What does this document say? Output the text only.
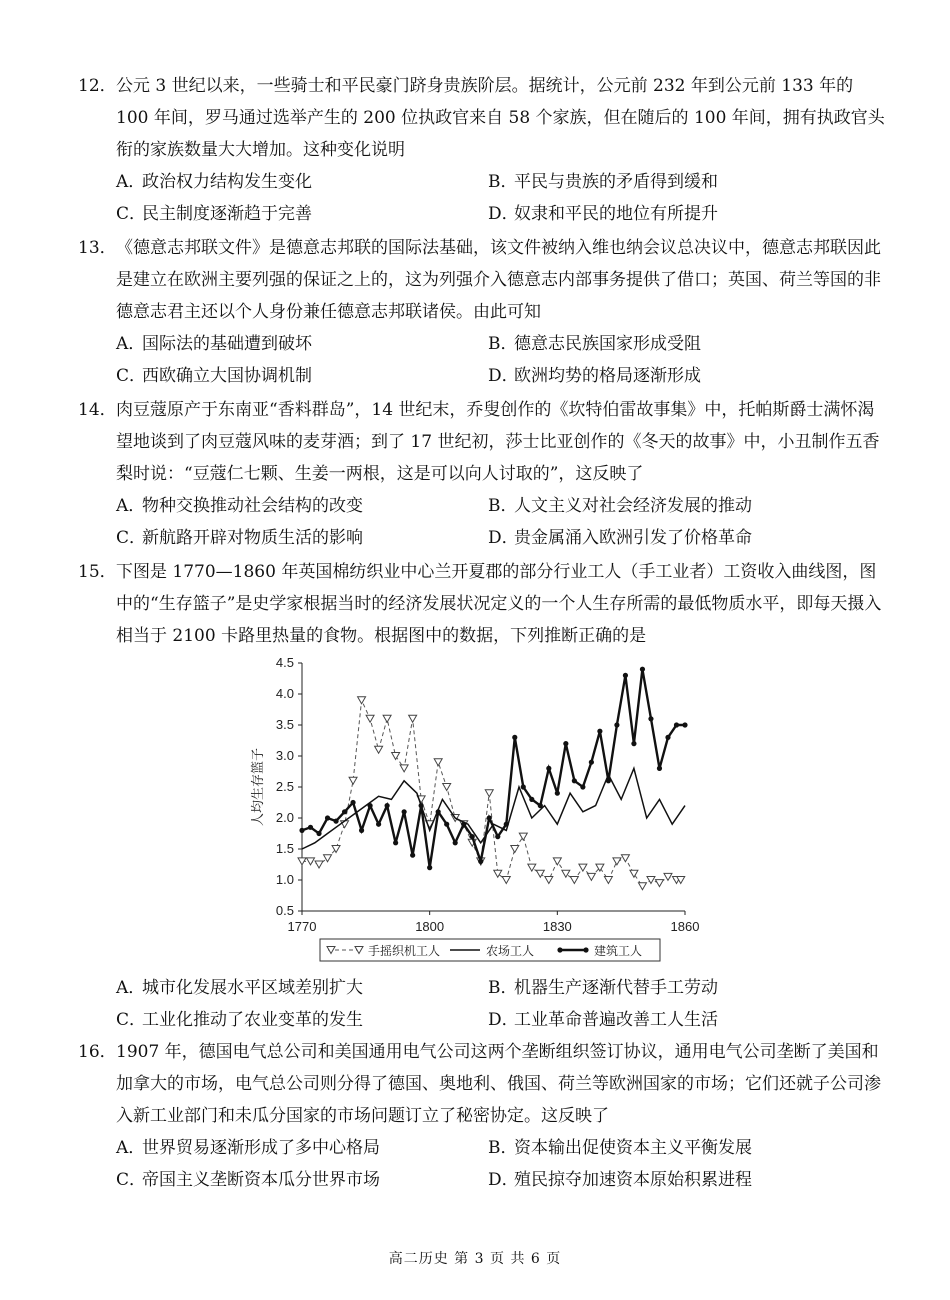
12．公元 3 世纪以来，一些骑士和平民豪门跻身贵族阶层。据统计，公元前 232 年到公元前 133 年的 100 年间，罗马通过选举产生的 200 位执政官来自 58 个家族，但在随后的 100 年间，拥有执政官头衔的家族数量大大增加。这种变化说明

A．政治权力结构发生变化	B．平民与贵族的矛盾得到缓和
C．民主制度逐渐趋于完善	D．奴隶和平民的地位有所提升

13．《德意志邦联文件》是德意志邦联的国际法基础，该文件被纳入维也纳会议总决议中，德意志邦联因此是建立在欧洲主要列强的保证之上的，这为列强介入德意志内部事务提供了借口；英国、荷兰等国的非德意志君主还以个人身份兼任德意志邦联诸侯。由此可知

A．国际法的基础遭到破坏	B．德意志民族国家形成受阻
C．西欧确立大国协调机制	D．欧洲均势的格局逐渐形成

14．肉豆蔻原产于东南亚“香料群岛”，14 世纪末，乔叟创作的《坎特伯雷故事集》中，托帕斯爵士满怀渴望地谈到了肉豆蔻风味的麦芽酒；到了 17 世纪初，莎士比亚创作的《冬天的故事》中，小丑制作五香梨时说：“豆蔻仁七颗、生姜一两根，这是可以向人讨取的”，这反映了

A．物种交换推动社会结构的改变	B．人文主义对社会经济发展的推动
C．新航路开辟对物质生活的影响	D．贵金属涌入欧洲引发了价格革命

15．下图是 1770—1860 年英国棉纺织业中心兰开夏郡的部分行业工人（手工业者）工资收入曲线图，图中的“生存篮子”是史学家根据当时的经济发展状况定义的一个人生存所需的最低物质水平，即每天摄入相当于 2100 卡路里热量的食物。根据图中的数据，下列推断正确的是

0.5
1.0
1.5
2.0
2.5
3.0
3.5
4.0
4.5
1770	1800	1830	1860
人均生存篮子
手摇织机工人	农场工人	建筑工人
A．城市化发展水平区域差别扩大	B．机器生产逐渐代替手工劳动
C．工业化推动了农业变革的发生	D．工业革命普遍改善工人生活

16．1907 年，德国电气总公司和美国通用电气公司这两个垄断组织签订协议，通用电气公司垄断了美国和加拿大的市场，电气总公司则分得了德国、奥地利、俄国、荷兰等欧洲国家的市场；它们还就子公司渗入新工业部门和未瓜分国家的市场问题订立了秘密协定。这反映了

A．世界贸易逐渐形成了多中心格局	B．资本输出促使资本主义平衡发展
C．帝国主义垄断资本瓜分世界市场	D．殖民掠夺加速资本原始积累进程
高二历史 第 3 页 共 6 页
